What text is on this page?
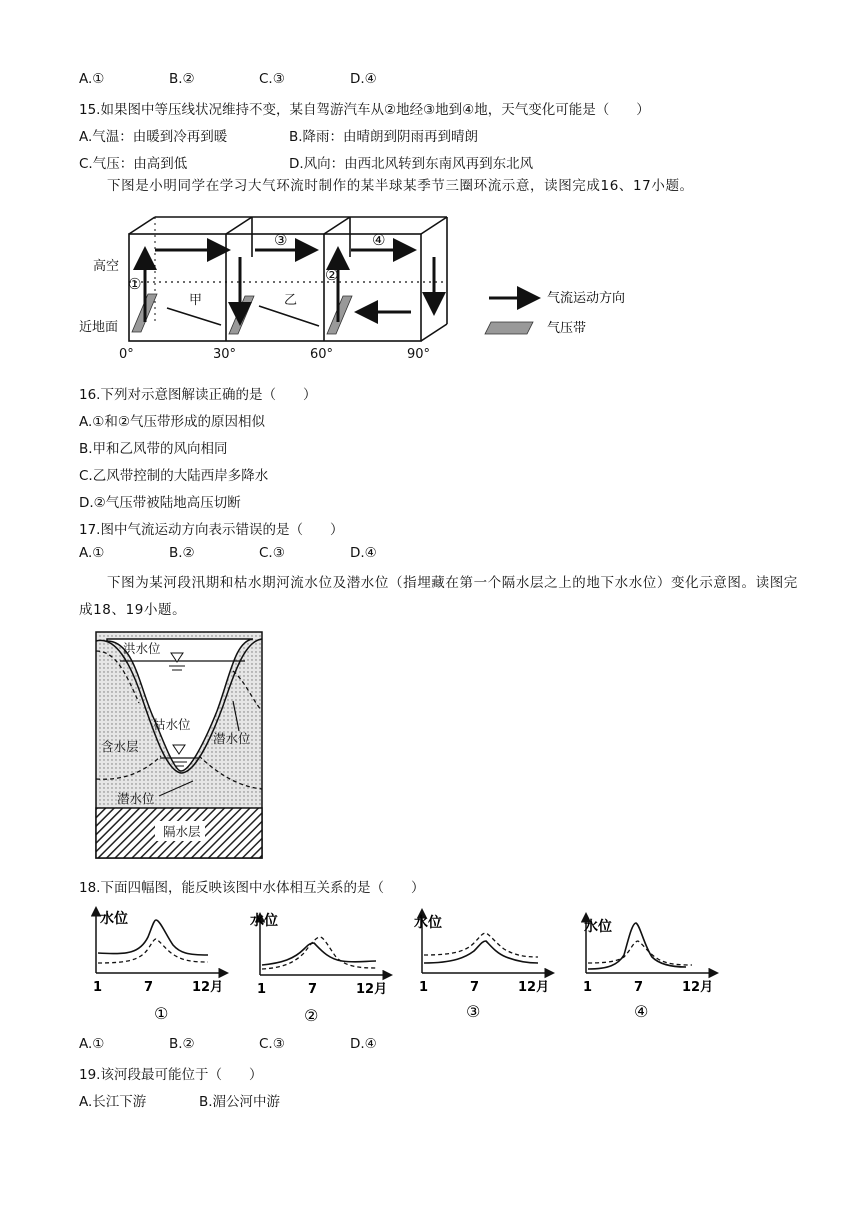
A.①	B.②	C.③	D.④
15.如果图中等压线状况维持不变，某自驾游汽车从②地经③地到④地，天气变化可能是（　　）
A.气温：由暖到冷再到暖	B.降雨：由晴朗到阴雨再到晴朗
C.气压：由高到低	D.风向：由西北风转到东南风再到东北风
下图是小明同学在学习大气环流时制作的某半球某季节三圈环流示意，读图完成16、17小题。
高空
近地面
甲	乙
①	②
③	④
0°	30°	60°	90°
气流运动方向
气压带
16.下列对示意图解读正确的是（　　）
A.①和②气压带形成的原因相似
B.甲和乙风带的风向相同
C.乙风带控制的大陆西岸多降水
D.②气压带被陆地高压切断
17.图中气流运动方向表示错误的是（　　）
A.①	B.②	C.③	D.④
下图为某河段汛期和枯水期河流水位及潜水位（指埋藏在第一个隔水层之上的地下水水位）变化示意图。读图完成18、19小题。
洪水位
枯水位
含水层
潜水位
潜水位
隔水层
18.下面四幅图，能反映该图中水体相互关系的是（　　）
水位
1	7	12月
①
水位
1	7	12月
②
水位
1	7	12月
③
水位
1	7	12月
④
A.①	B.②	C.③	D.④
19.该河段最可能位于（　　）
A.长江下游	B.湄公河中游
